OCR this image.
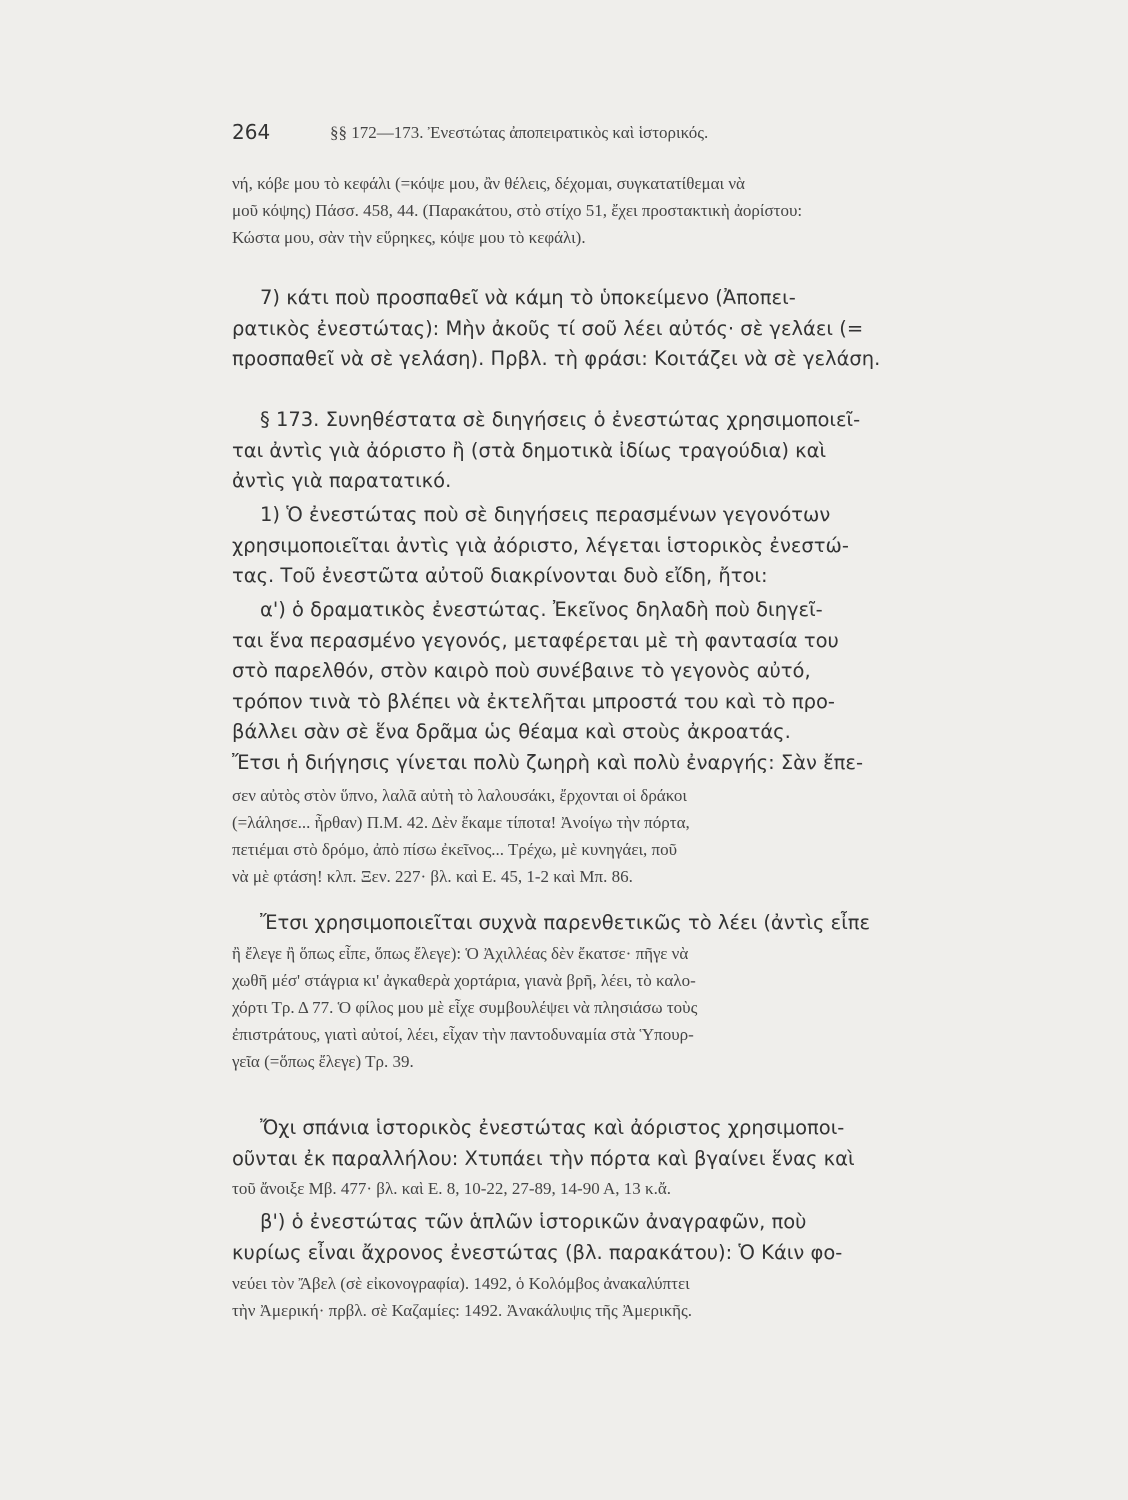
264	§§ 172—173. Ἐνεστώτας ἀποπειρατικὸς καὶ ἱστορικός.
νή, κόβε μου τὸ κεφάλι (=κόψε μου, ἂν θέλεις, δέχομαι, συγκατατίθεμαι νὰ
μοῦ κόψης) Πάσσ. 458, 44. (Παρακάτου, στὸ στίχο 51, ἔχει προστακτικὴ ἀορίστου:
Κώστα μου, σὰν τὴν εὕρηκες, κόψε μου τὸ κεφάλι).
7) κάτι ποὺ προσπαθεῖ νὰ κάμη τὸ ὑποκείμενο (Ἀποπει-
ρατικὸς ἐνεστώτας): Μὴν ἀκοῦς τί σοῦ λέει αὐτός· σὲ γελάει (=
προσπαθεῖ νὰ σὲ γελάση). Πρβλ. τὴ φράσι: Κοιτάζει νὰ σὲ γελάση.
§ 173. Συνηθέστατα σὲ διηγήσεις ὁ ἐνεστώτας χρησιμοποιεῖ-
ται ἀντὶς γιὰ ἀόριστο ἢ (στὰ δημοτικὰ ἰδίως τραγούδια) καὶ
ἀντὶς γιὰ παρατατικό.
1) Ὁ ἐνεστώτας ποὺ σὲ διηγήσεις περασμένων γεγονότων
χρησιμοποιεῖται ἀντὶς γιὰ ἀόριστο, λέγεται ἱστορικὸς ἐνεστώ-
τας. Τοῦ ἐνεστῶτα αὐτοῦ διακρίνονται δυὸ εἴδη, ἤτοι:
α') ὁ δραματικὸς ἐνεστώτας. Ἐκεῖνος δηλαδὴ ποὺ διηγεῖ-
ται ἕνα περασμένο γεγονός, μεταφέρεται μὲ τὴ φαντασία του
στὸ παρελθόν, στὸν καιρὸ ποὺ συνέβαινε τὸ γεγονὸς αὐτό,
τρόπον τινὰ τὸ βλέπει νὰ ἐκτελῆται μπροστά του καὶ τὸ προ-
βάλλει σὰν σὲ ἕνα δρᾶμα ὡς θέαμα καὶ στοὺς ἀκροατάς.
Ἔτσι ἡ διήγησις γίνεται πολὺ ζωηρὴ καὶ πολὺ ἐναργής: Σὰν ἔπε-
σεν αὐτὸς στὸν ὕπνο, λαλᾶ αὐτὴ τὸ λαλουσάκι, ἔρχονται οἱ δράκοι
(=λάλησε... ἦρθαν) Π.Μ. 42. Δὲν ἔκαμε τίποτα! Ἀνοίγω τὴν πόρτα,
πετιέμαι στὸ δρόμο, ἀπὸ πίσω ἐκεῖνος... Τρέχω, μὲ κυνηγάει, ποῦ
νὰ μὲ φτάση! κλπ. Ξεν. 227· βλ. καὶ Ε. 45, 1-2 καὶ Μπ. 86.
Ἔτσι χρησιμοποιεῖται συχνὰ παρενθετικῶς τὸ λέει (ἀντὶς εἶπε
ἢ ἔλεγε ἢ ὅπως εἶπε, ὅπως ἔλεγε): Ὁ Ἀχιλλέας δὲν ἔκατσε· πῆγε νὰ
χωθῆ μέσ' στάγρια κι' ἀγκαθερὰ χορτάρια, γιανὰ βρῆ, λέει, τὸ καλο-
χόρτι Τρ. Δ 77. Ὁ φίλος μου μὲ εἶχε συμβουλέψει νὰ πλησιάσω τοὺς
ἐπιστράτους, γιατὶ αὐτοί, λέει, εἶχαν τὴν παντοδυναμία στὰ Ὑπουρ-
γεῖα (=ὅπως ἔλεγε) Τρ. 39.
Ὄχι σπάνια ἱστορικὸς ἐνεστώτας καὶ ἀόριστος χρησιμοποι-
οῦνται ἐκ παραλλήλου: Χτυπάει τὴν πόρτα καὶ βγαίνει ἕνας καὶ
τοῦ ἄνοιξε Μβ. 477· βλ. καὶ Ε. 8, 10-22, 27-89, 14-90 Α, 13 κ.ἄ.
β') ὁ ἐνεστώτας τῶν ἁπλῶν ἱστορικῶν ἀναγραφῶν, ποὺ
κυρίως εἶναι ἄχρονος ἐνεστώτας (βλ. παρακάτου): Ὁ Κάιν φο-
νεύει τὸν Ἄβελ (σὲ εἰκονογραφία). 1492, ὁ Κολόμβος ἀνακαλύπτει
τὴν Ἀμερική· πρβλ. σὲ Καζαμίες: 1492. Ἀνακάλυψις τῆς Ἀμερικῆς.
